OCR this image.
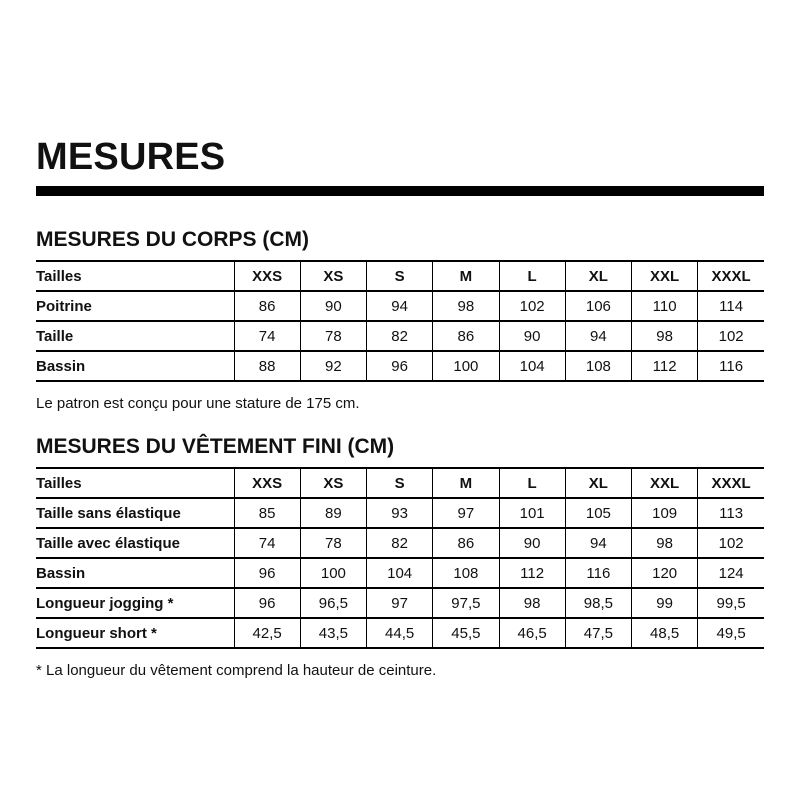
MESURES
MESURES DU CORPS (CM)
Tailles	XXS	XS	S	M	L	XL	XXL	XXXL
Poitrine	86	90	94	98	102	106	110	114
Taille	74	78	82	86	90	94	98	102
Bassin	88	92	96	100	104	108	112	116

Le patron est conçu pour une stature de 175 cm.

MESURES DU VÊTEMENT FINI (CM)
Tailles	XXS	XS	S	M	L	XL	XXL	XXXL
Taille sans élastique	85	89	93	97	101	105	109	113
Taille avec élastique	74	78	82	86	90	94	98	102
Bassin	96	100	104	108	112	116	120	124
Longueur jogging *	96	96,5	97	97,5	98	98,5	99	99,5
Longueur short *	42,5	43,5	44,5	45,5	46,5	47,5	48,5	49,5

* La longueur du vêtement comprend la hauteur de ceinture.
